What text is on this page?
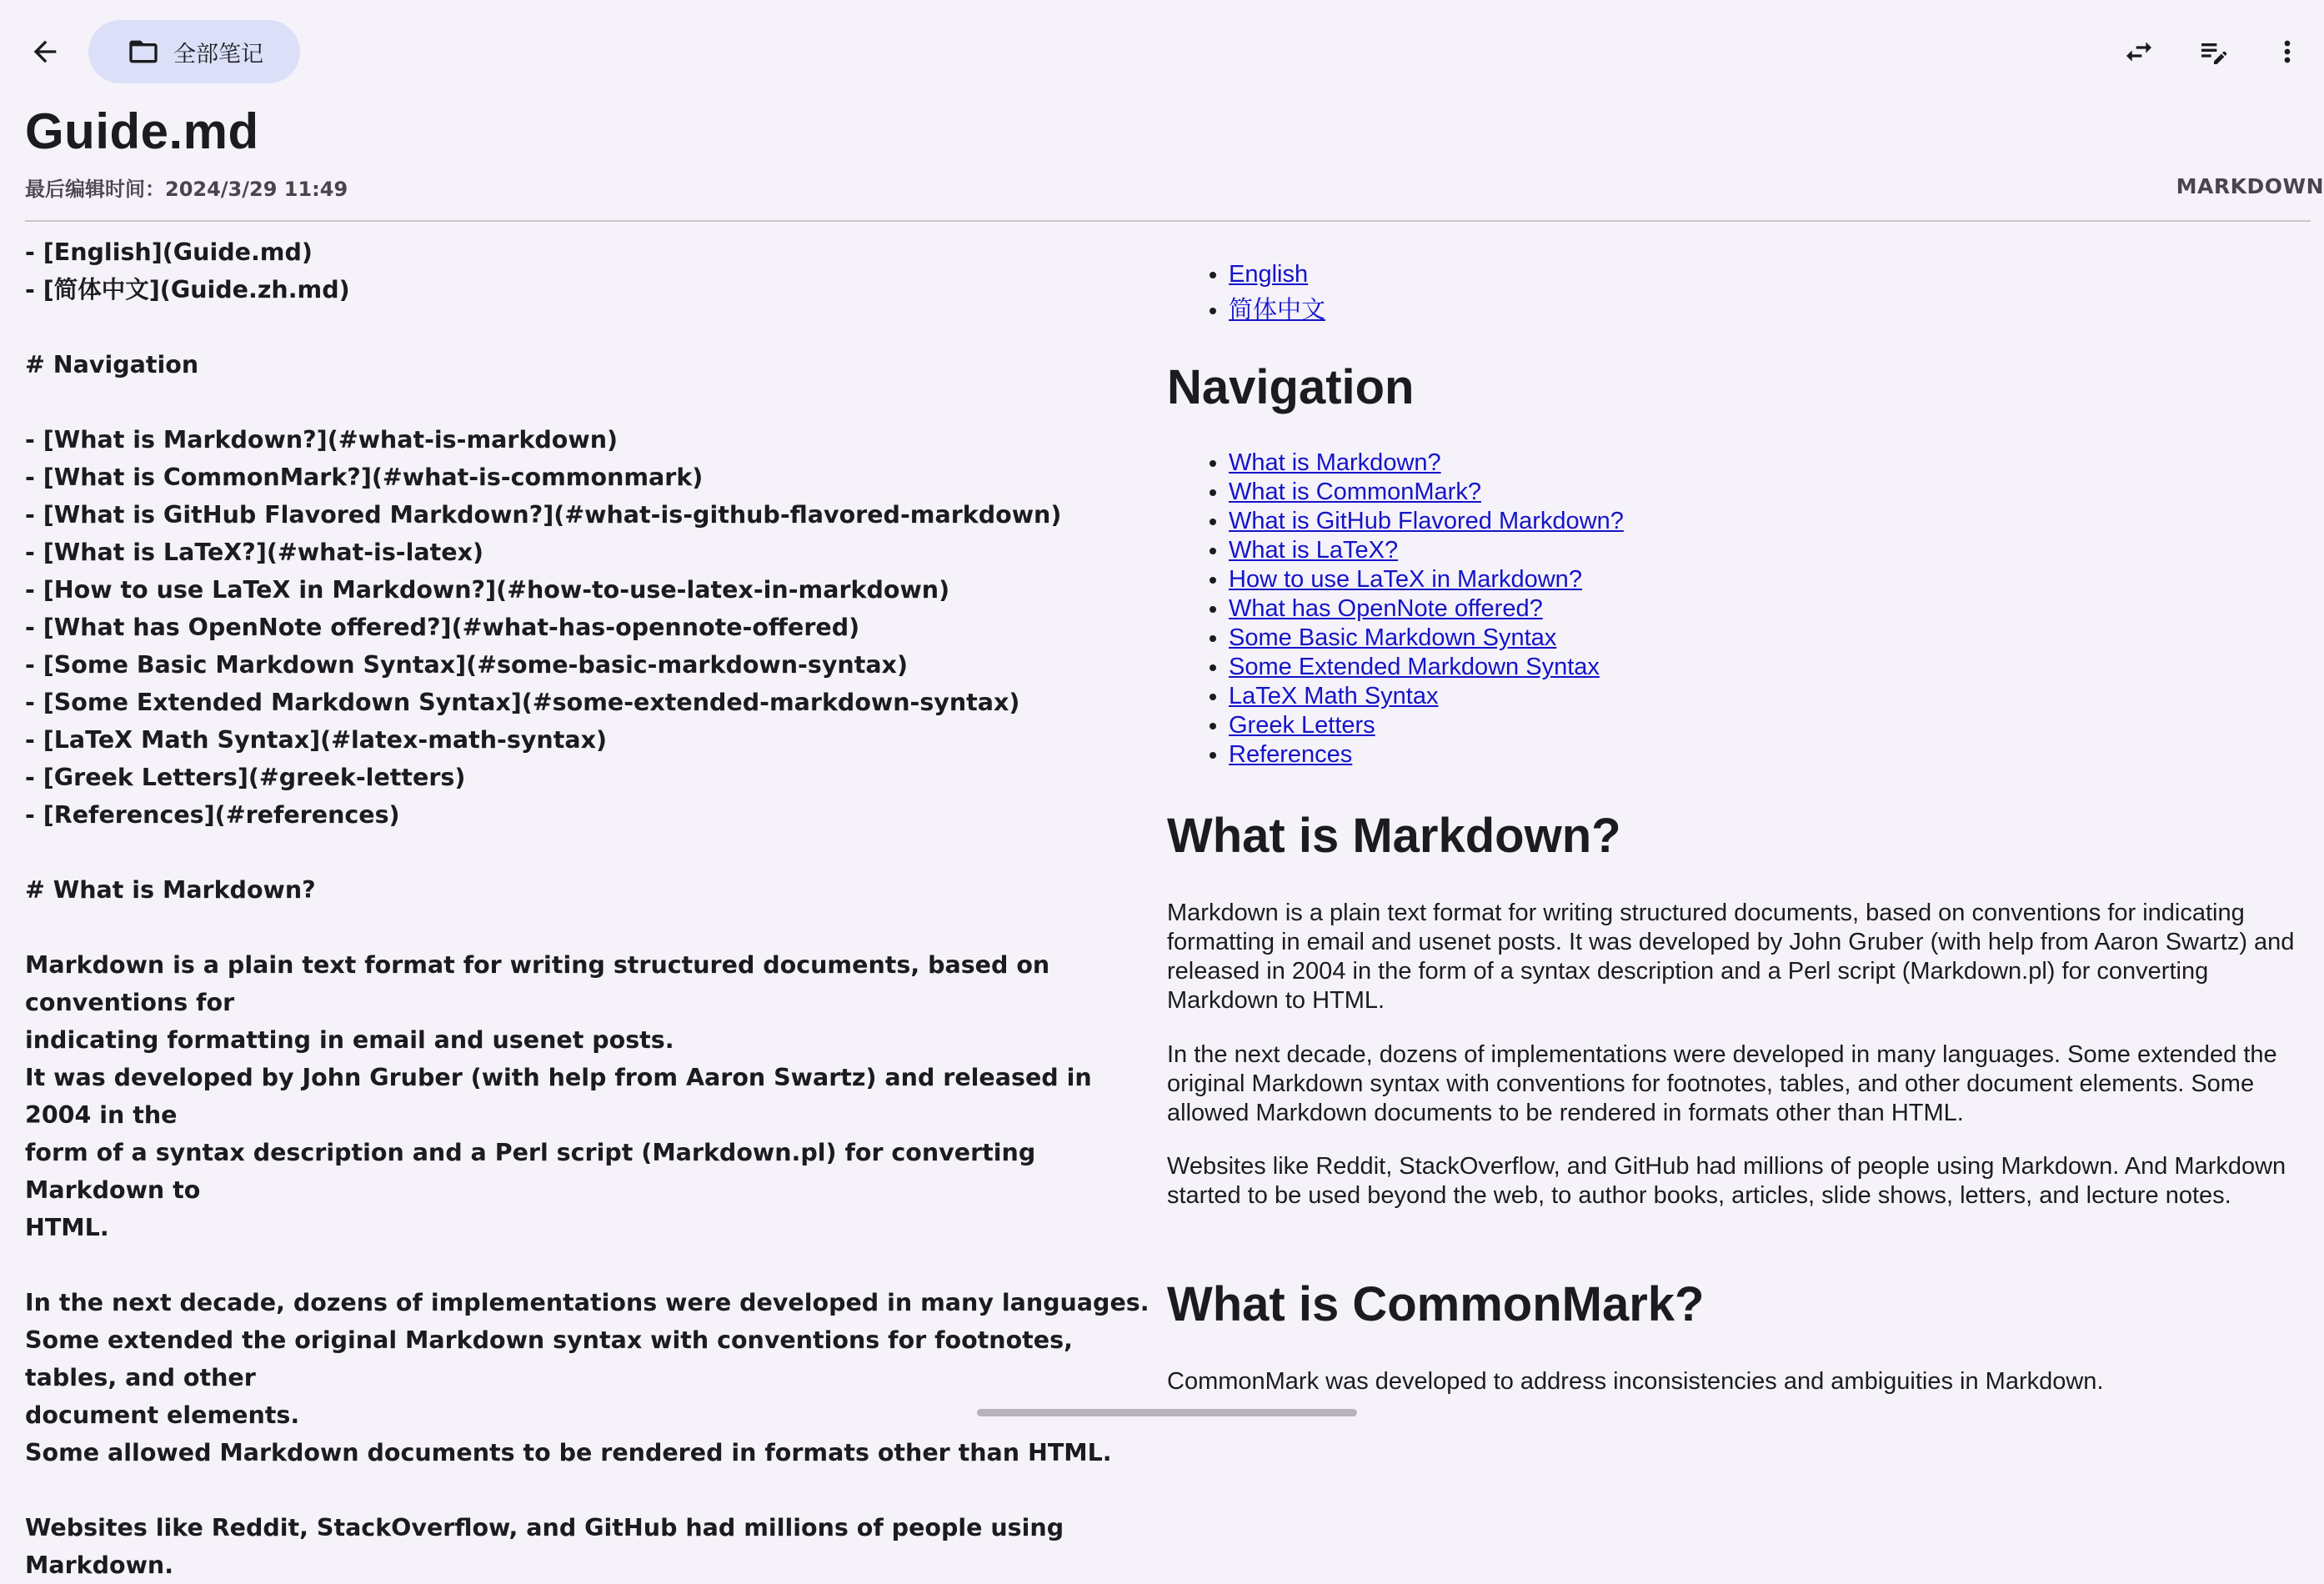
全部笔记
Guide.md
最后编辑时间：2024/3/29 11:49	MARKDOWN
- [English](Guide.md)
- [简体中文](Guide.zh.md)
# Navigation
- [What is Markdown?](#what-is-markdown)
- [What is CommonMark?](#what-is-commonmark)
- [What is GitHub Flavored Markdown?](#what-is-github-flavored-markdown)
- [What is LaTeX?](#what-is-latex)
- [How to use LaTeX in Markdown?](#how-to-use-latex-in-markdown)
- [What has OpenNote offered?](#what-has-opennote-offered)
- [Some Basic Markdown Syntax](#some-basic-markdown-syntax)
- [Some Extended Markdown Syntax](#some-extended-markdown-syntax)
- [LaTeX Math Syntax](#latex-math-syntax)
- [Greek Letters](#greek-letters)
- [References](#references)
# What is Markdown?
Markdown is a plain text format for writing structured documents, based on conventions for
indicating formatting in email and usenet posts.
It was developed by John Gruber (with help from Aaron Swartz) and released in 2004 in the
form of a syntax description and a Perl script (Markdown.pl) for converting Markdown to
HTML.
In the next decade, dozens of implementations were developed in many languages.
Some extended the original Markdown syntax with conventions for footnotes, tables, and other
document elements.
Some allowed Markdown documents to be rendered in formats other than HTML.
Websites like Reddit, StackOverflow, and GitHub had millions of people using Markdown.
• English
• 简体中文
Navigation
• What is Markdown?
• What is CommonMark?
• What is GitHub Flavored Markdown?
• What is LaTeX?
• How to use LaTeX in Markdown?
• What has OpenNote offered?
• Some Basic Markdown Syntax
• Some Extended Markdown Syntax
• LaTeX Math Syntax
• Greek Letters
• References
What is Markdown?

Markdown is a plain text format for writing structured documents, based on conventions for indicating formatting in email and usenet posts. It was developed by John Gruber (with help from Aaron Swartz) and released in 2004 in the form of a syntax description and a Perl script (Markdown.pl) for converting Markdown to HTML.

In the next decade, dozens of implementations were developed in many languages. Some extended the original Markdown syntax with conventions for footnotes, tables, and other document elements. Some allowed Markdown documents to be rendered in formats other than HTML.

Websites like Reddit, StackOverflow, and GitHub had millions of people using Markdown. And Markdown started to be used beyond the web, to author books, articles, slide shows, letters, and lecture notes.

What is CommonMark?

CommonMark was developed to address inconsistencies and ambiguities in Markdown.
